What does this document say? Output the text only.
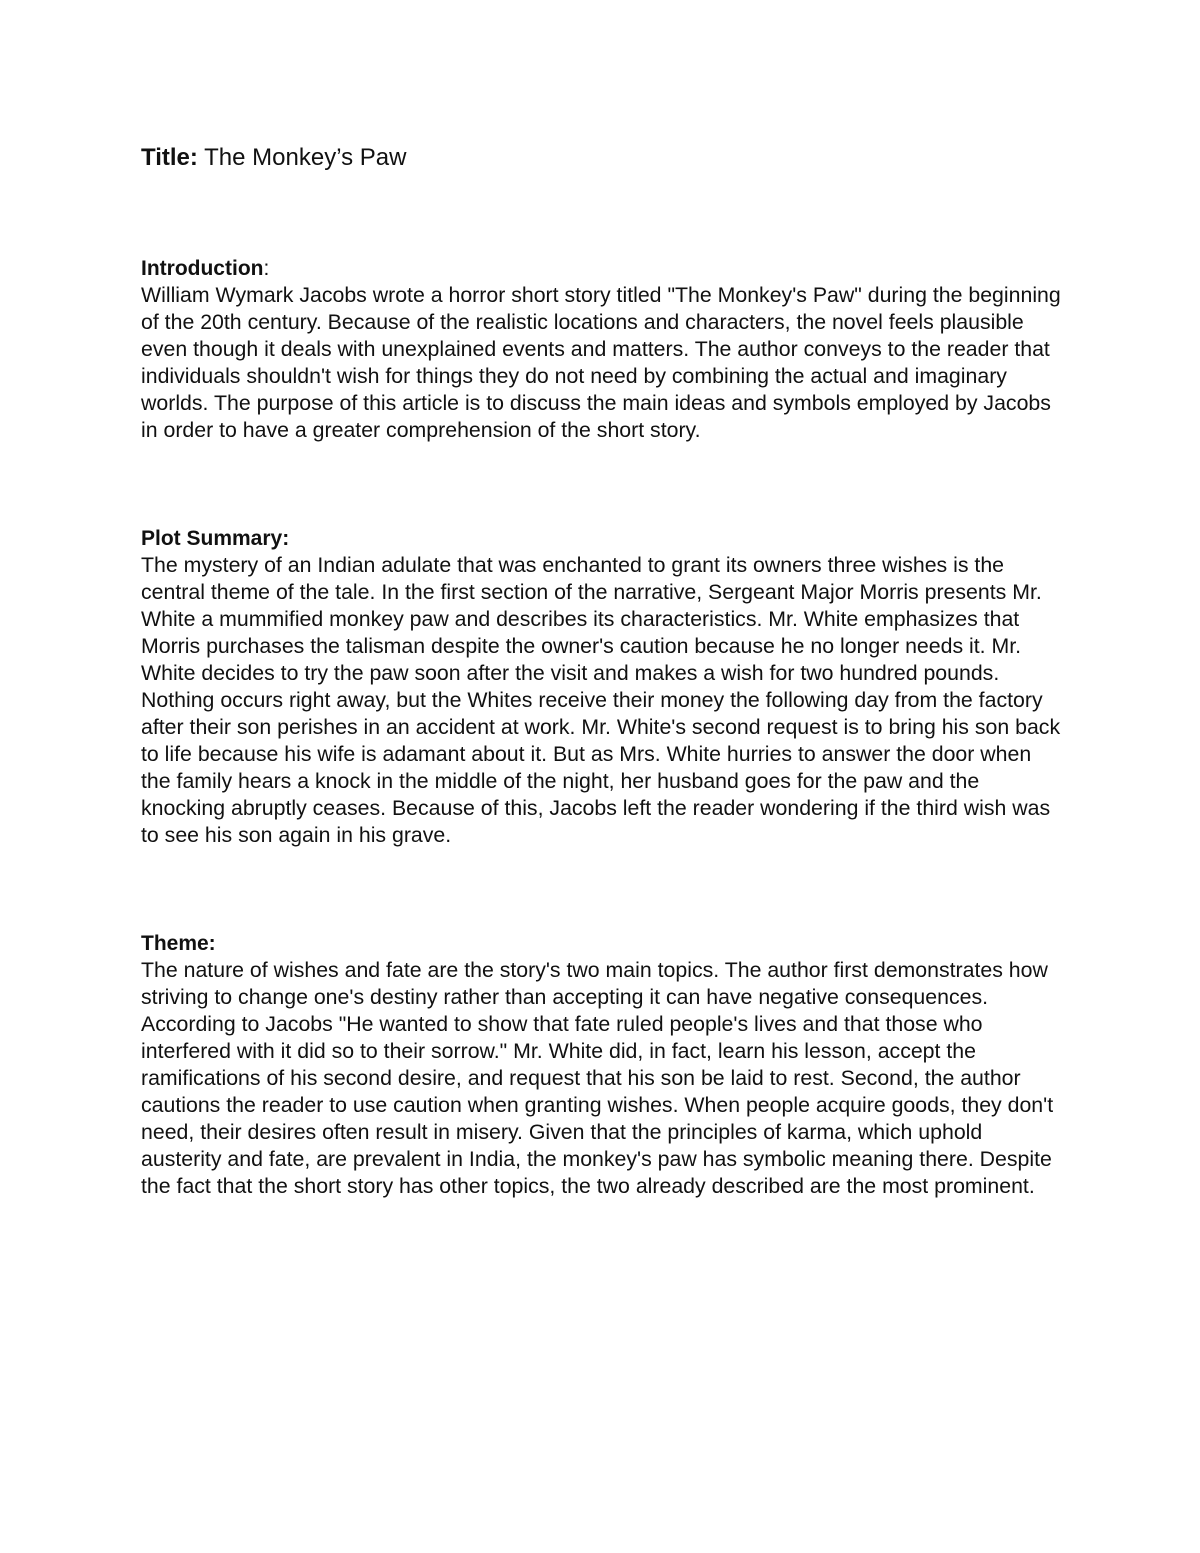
Title: The Monkey’s Paw

Introduction:

William Wymark Jacobs wrote a horror short story titled "The Monkey's Paw" during the beginning of the 20th century. Because of the realistic locations and characters, the novel feels plausible even though it deals with unexplained events and matters. The author conveys to the reader that individuals shouldn't wish for things they do not need by combining the actual and imaginary worlds. The purpose of this article is to discuss the main ideas and symbols employed by Jacobs in order to have a greater comprehension of the short story.

Plot Summary:

The mystery of an Indian adulate that was enchanted to grant its owners three wishes is the central theme of the tale. In the first section of the narrative, Sergeant Major Morris presents Mr. White a mummified monkey paw and describes its characteristics. Mr. White emphasizes that Morris purchases the talisman despite the owner's caution because he no longer needs it. Mr. White decides to try the paw soon after the visit and makes a wish for two hundred pounds. Nothing occurs right away, but the Whites receive their money the following day from the factory after their son perishes in an accident at work. Mr. White's second request is to bring his son back to life because his wife is adamant about it. But as Mrs. White hurries to answer the door when the family hears a knock in the middle of the night, her husband goes for the paw and the knocking abruptly ceases. Because of this, Jacobs left the reader wondering if the third wish was to see his son again in his grave.

Theme:

The nature of wishes and fate are the story's two main topics. The author first demonstrates how striving to change one's destiny rather than accepting it can have negative consequences. According to Jacobs "He wanted to show that fate ruled people's lives and that those who interfered with it did so to their sorrow." Mr. White did, in fact, learn his lesson, accept the ramifications of his second desire, and request that his son be laid to rest. Second, the author cautions the reader to use caution when granting wishes. When people acquire goods, they don't need, their desires often result in misery. Given that the principles of karma, which uphold austerity and fate, are prevalent in India, the monkey's paw has symbolic meaning there. Despite the fact that the short story has other topics, the two already described are the most prominent.
